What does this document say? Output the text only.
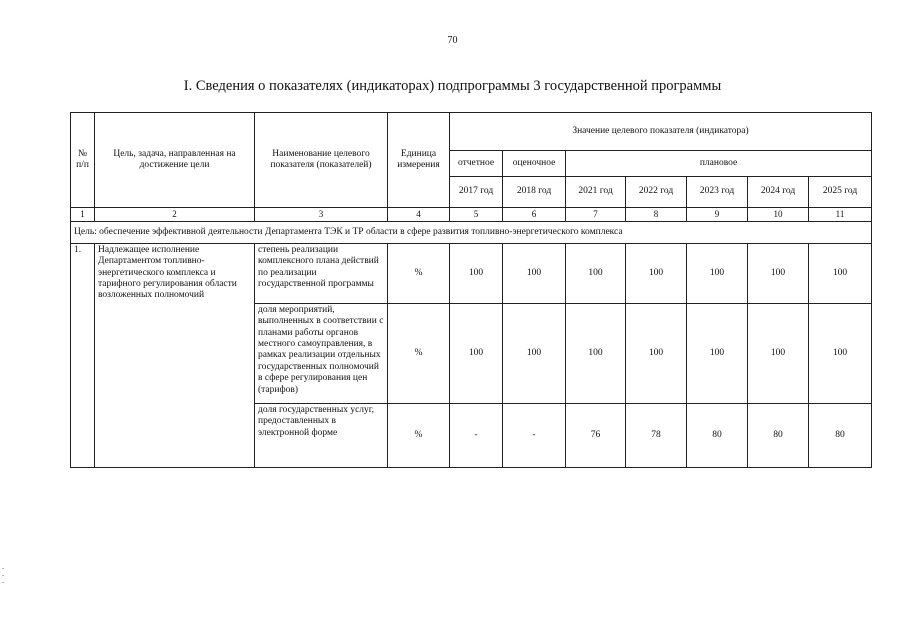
70
I. Сведения о показателях (индикаторах) подпрограммы 3 государственной программы
№ п/п	Цель, задача, направленная на достижение цели	Наименование целевого показателя (показателей)	Единица измерения	Значение целевого показателя (индикатора)						
				отчетное	оценочное	плановое				
				2017 год	2018 год	2021 год	2022 год	2023 год	2024 год	2025 год
1	2	3	4	5	6	7	8	9	10	11
Цель: обеспечение эффективной деятельности Департамента ТЭК и ТР области в сфере развития топливно-энергетического комплекса										
1.	Надлежащее исполнение Департаментом топливно-энергетического комплекса и тарифного регулирования области возложенных полномочий	степень реализации комплексного плана действий по реализации государственной программы	%	100	100	100	100	100	100	100
		доля мероприятий, выполненных в соответствии с планами работы органов местного самоуправления, в рамках реализации отдельных государственных полномочий в сфере регулирования цен (тарифов)	%	100	100	100	100	100	100	100
		доля государственных услуг, предоставленных в электронной форме	%	-	-	76	78	80	80	80
-
-
-
